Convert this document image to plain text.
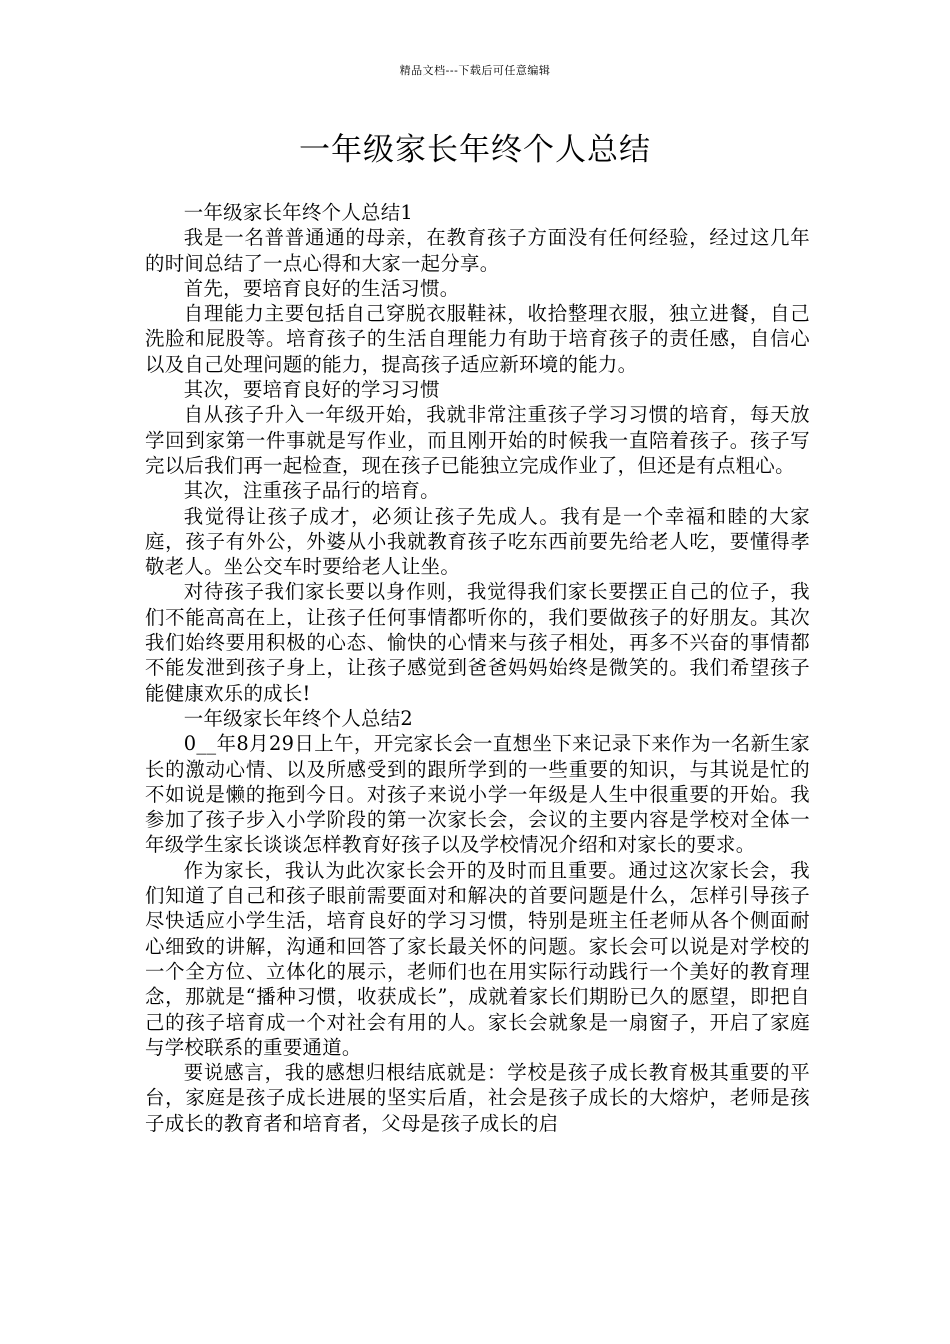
精品文档---下载后可任意编辑
一年级家长年终个人总结

一年级家长年终个人总结1

我是一名普普通通的母亲，在教育孩子方面没有任何经验，经过这几年的时间总结了一点心得和大家一起分享。

首先，要培育良好的生活习惯。

自理能力主要包括自己穿脱衣服鞋袜，收拾整理衣服，独立进餐，自己洗脸和屁股等。培育孩子的生活自理能力有助于培育孩子的责任感，自信心以及自己处理问题的能力，提高孩子适应新环境的能力。

其次，要培育良好的学习习惯

自从孩子升入一年级开始，我就非常注重孩子学习习惯的培育，每天放学回到家第一件事就是写作业，而且刚开始的时候我一直陪着孩子。孩子写完以后我们再一起检查，现在孩子已能独立完成作业了，但还是有点粗心。

其次，注重孩子品行的培育。

我觉得让孩子成才，必须让孩子先成人。我有是一个幸福和睦的大家庭，孩子有外公，外婆从小我就教育孩子吃东西前要先给老人吃，要懂得孝敬老人。坐公交车时要给老人让坐。

对待孩子我们家长要以身作则，我觉得我们家长要摆正自己的位子，我们不能高高在上，让孩子任何事情都听你的，我们要做孩子的好朋友。其次我们始终要用积极的心态、愉快的心情来与孩子相处，再多不兴奋的事情都不能发泄到孩子身上，让孩子感觉到爸爸妈妈始终是微笑的。我们希望孩子能健康欢乐的成长!

一年级家长年终个人总结2

0__年8月29日上午，开完家长会一直想坐下来记录下来作为一名新生家长的激动心情、以及所感受到的跟所学到的一些重要的知识，与其说是忙的不如说是懒的拖到今日。对孩子来说小学一年级是人生中很重要的开始。我参加了孩子步入小学阶段的第一次家长会，会议的主要内容是学校对全体一年级学生家长谈谈怎样教育好孩子以及学校情况介绍和对家长的要求。

作为家长，我认为此次家长会开的及时而且重要。通过这次家长会，我们知道了自己和孩子眼前需要面对和解决的首要问题是什么，怎样引导孩子尽快适应小学生活，培育良好的学习习惯，特别是班主任老师从各个侧面耐心细致的讲解，沟通和回答了家长最关怀的问题。家长会可以说是对学校的一个全方位、立体化的展示，老师们也在用实际行动践行一个美好的教育理念，那就是“播种习惯，收获成长”，成就着家长们期盼已久的愿望，即把自己的孩子培育成一个对社会有用的人。家长会就象是一扇窗子，开启了家庭与学校联系的重要通道。

要说感言，我的感想归根结底就是：学校是孩子成长教育极其重要的平台，家庭是孩子成长进展的坚实后盾，社会是孩子成长的大熔炉，老师是孩子成长的教育者和培育者，父母是孩子成长的启
